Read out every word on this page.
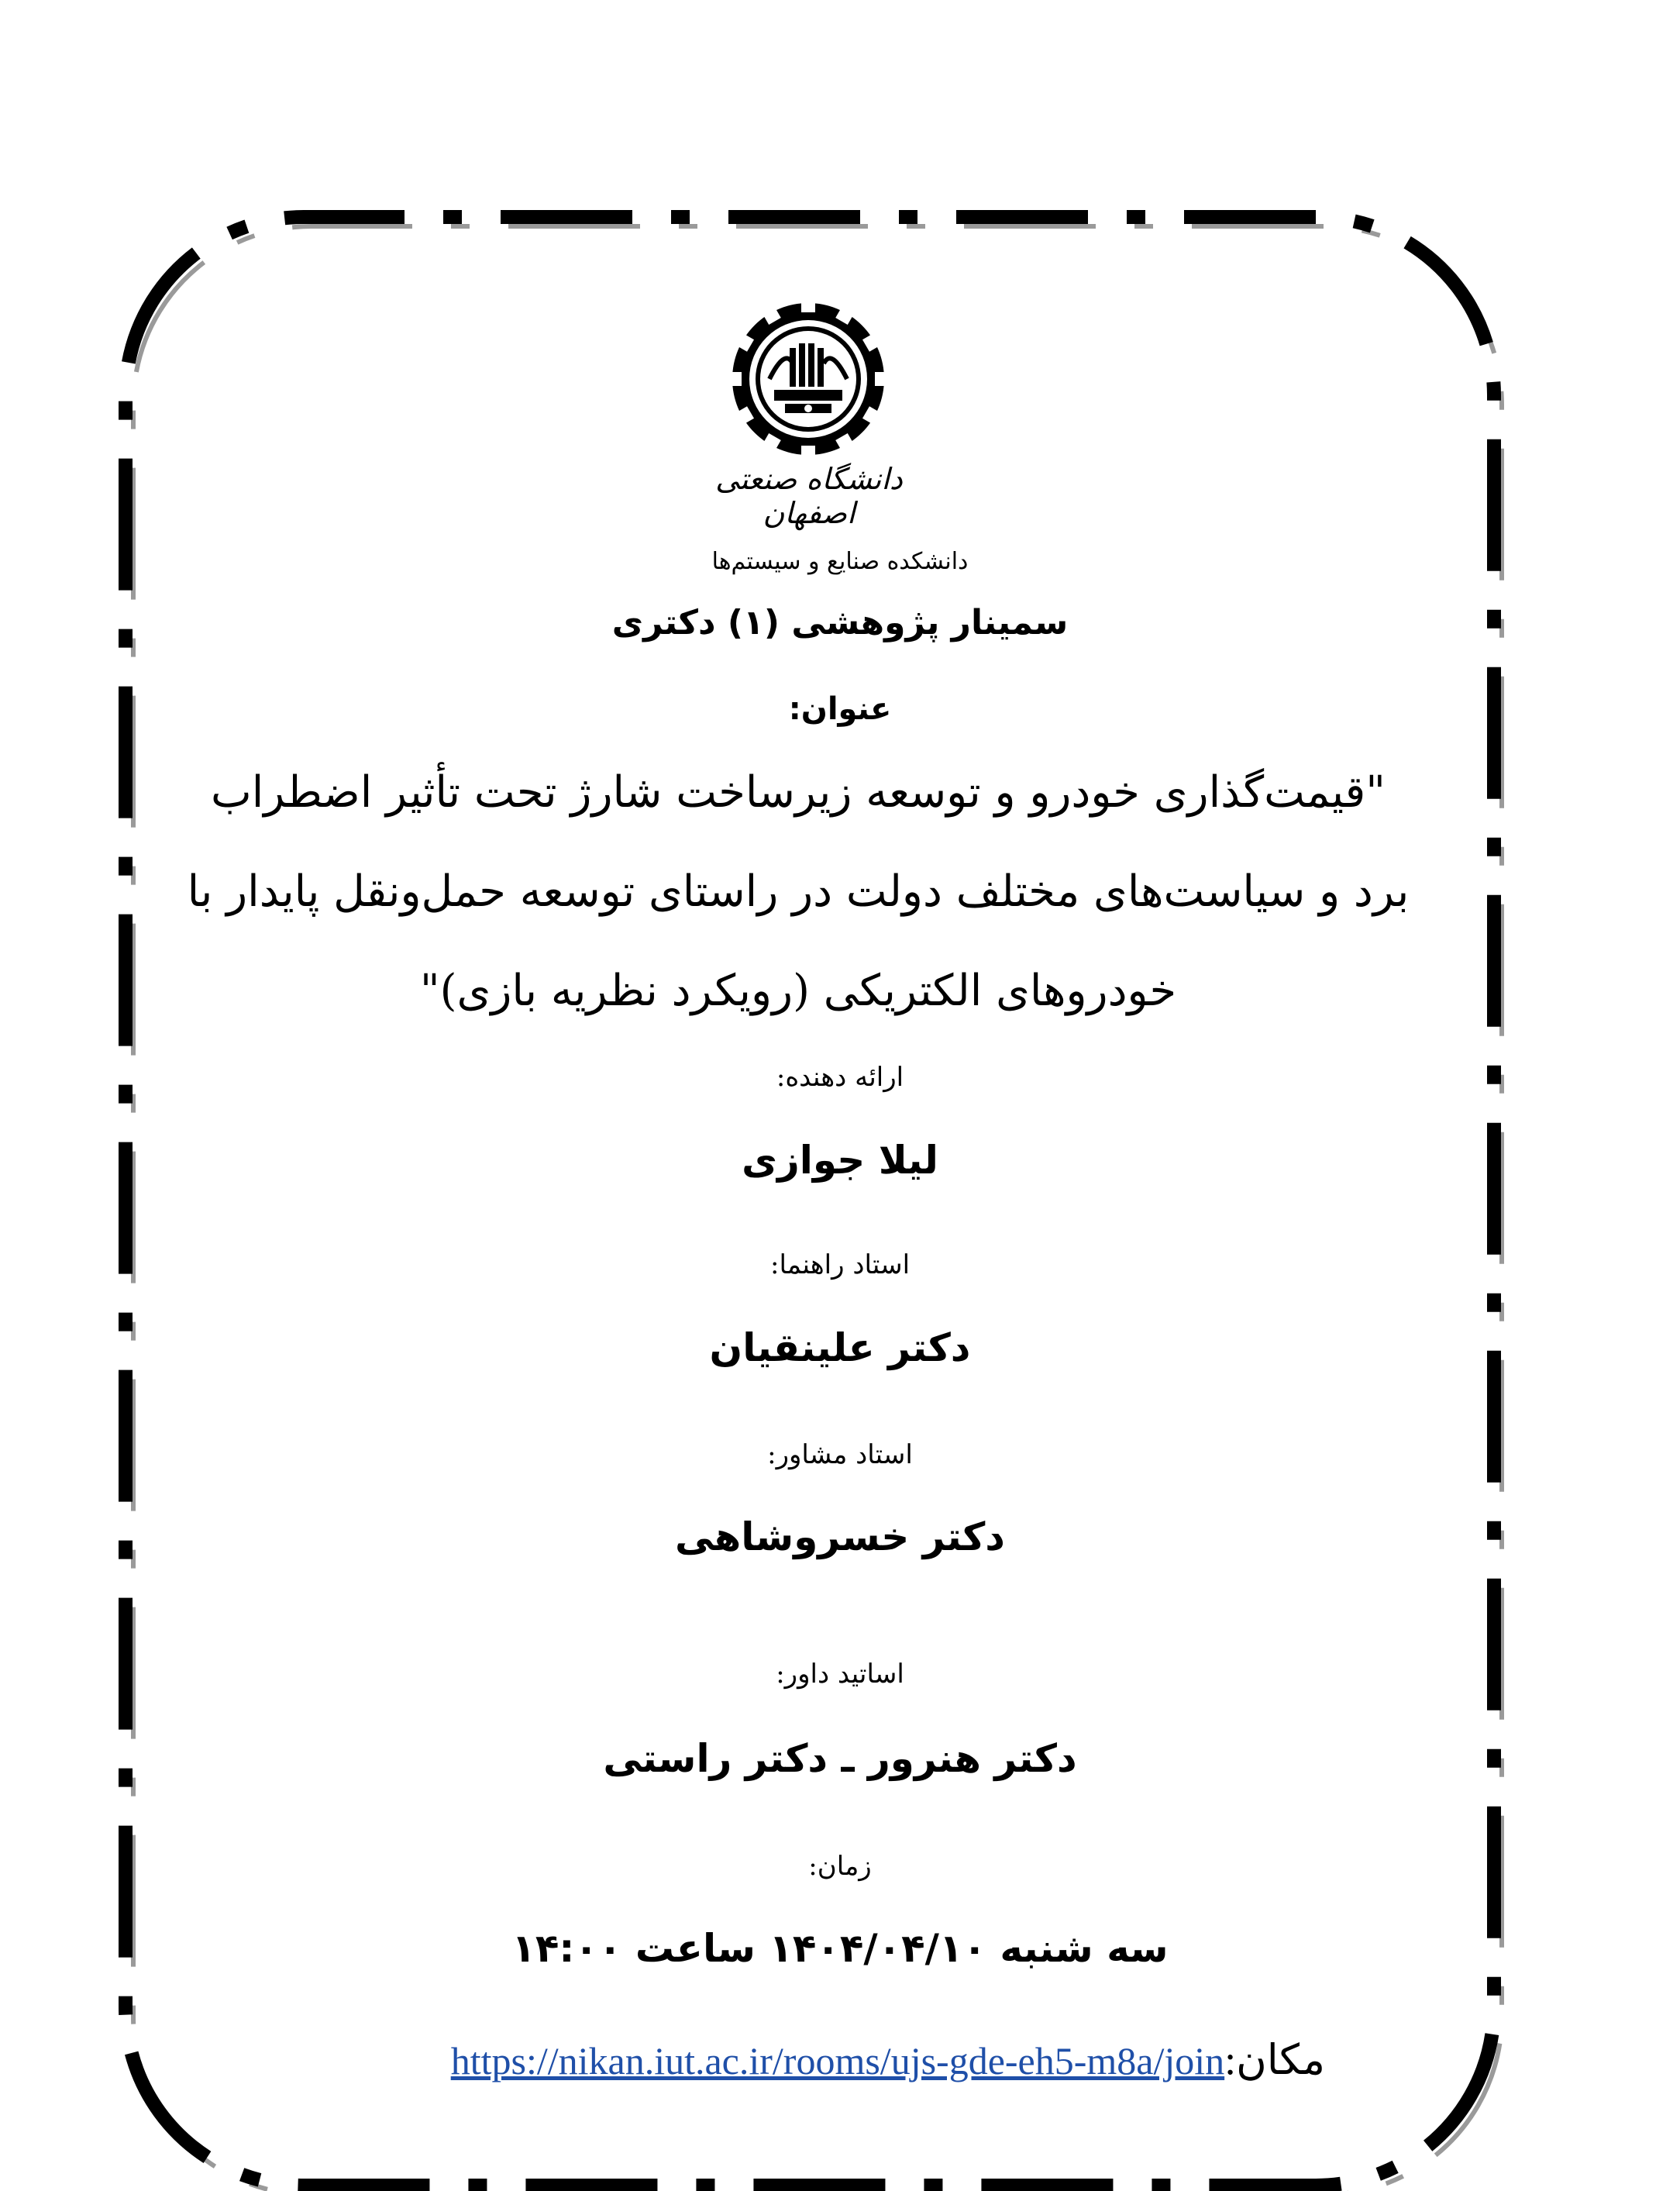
دانشگاه صنعتی اصفهان
دانشکده صنایع و سیستم‌ها
سمینار پژوهشی (۱) دکتری
عنوان:
"قیمت‌گذاری خودرو و توسعه زیرساخت شارژ تحت تأثیر اضطراب
برد و سیاست‌های مختلف دولت در راستای توسعه حمل‌ونقل پایدار با
خودروهای الکتریکی (رویکرد نظریه بازی)"
ارائه دهنده:
لیلا جوازی
استاد راهنما:
دکتر علینقیان
استاد مشاور:
دکتر خسروشاهی
اساتید داور:
دکتر هنرور ـ دکتر راستی
زمان:
سه شنبه ۱۴۰۴/۰۴/۱۰ ساعت ۱۴:۰۰
مکان:https://nikan.iut.ac.ir/rooms/ujs-gde-eh5-m8a/join
